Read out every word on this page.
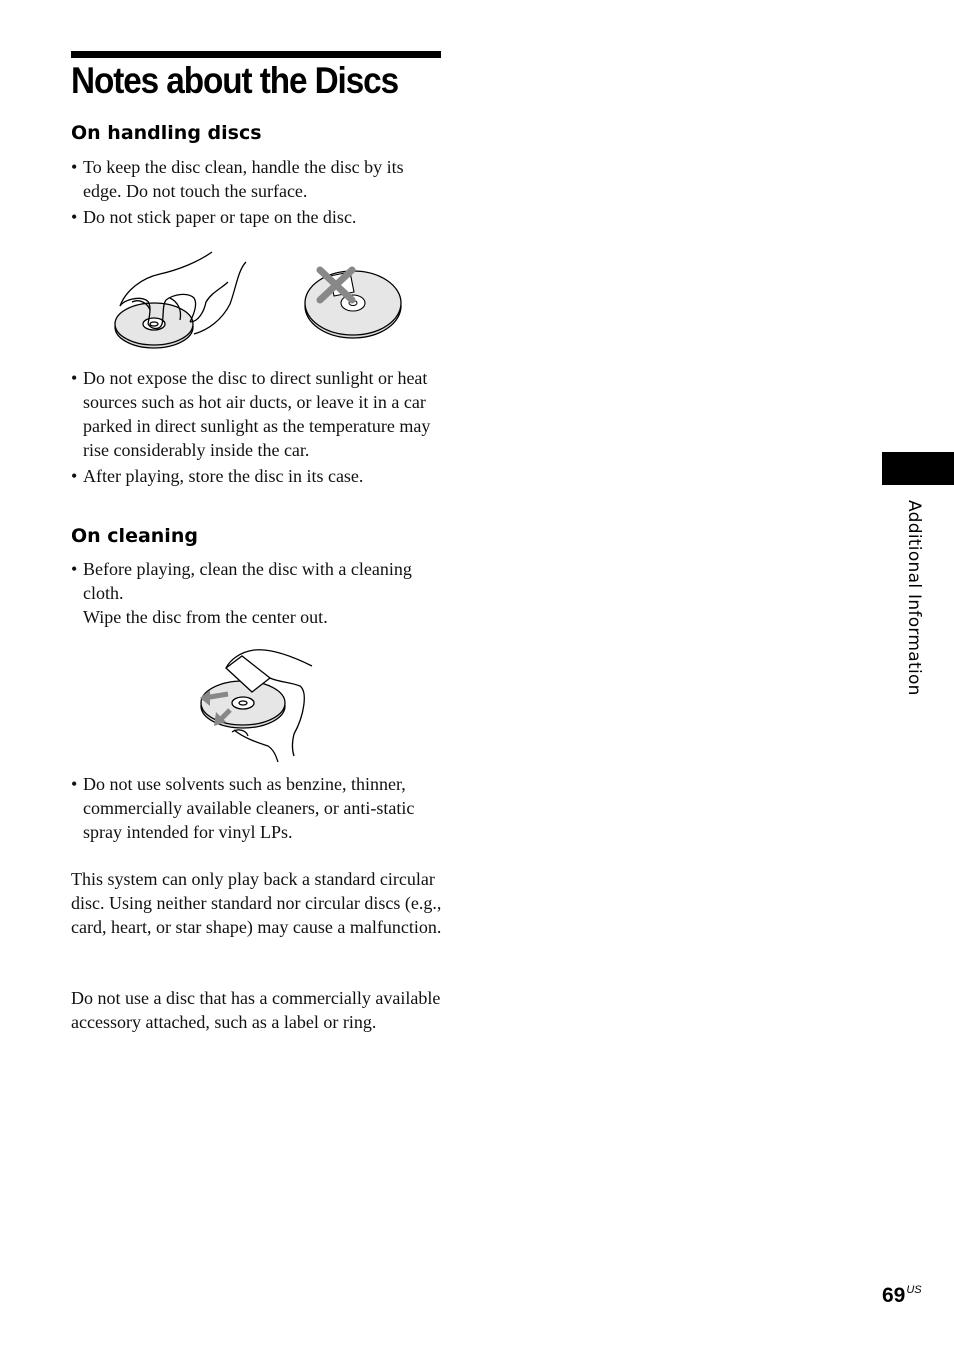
Notes about the Discs
On handling discs
• To keep the disc clean, handle the disc by its edge. Do not touch the surface.
• Do not stick paper or tape on the disc.
• Do not expose the disc to direct sunlight or heat sources such as hot air ducts, or leave it in a car parked in direct sunlight as the temperature may rise considerably inside the car.
• After playing, store the disc in its case.
On cleaning
• Before playing, clean the disc with a cleaning cloth.
Wipe the disc from the center out.
• Do not use solvents such as benzine, thinner, commercially available cleaners, or anti-static spray intended for vinyl LPs.

This system can only play back a standard circular disc. Using neither standard nor circular discs (e.g., card, heart, or star shape) may cause a malfunction.

Do not use a disc that has a commercially available accessory attached, such as a label or ring.

Additional Information
$69^{US}$
